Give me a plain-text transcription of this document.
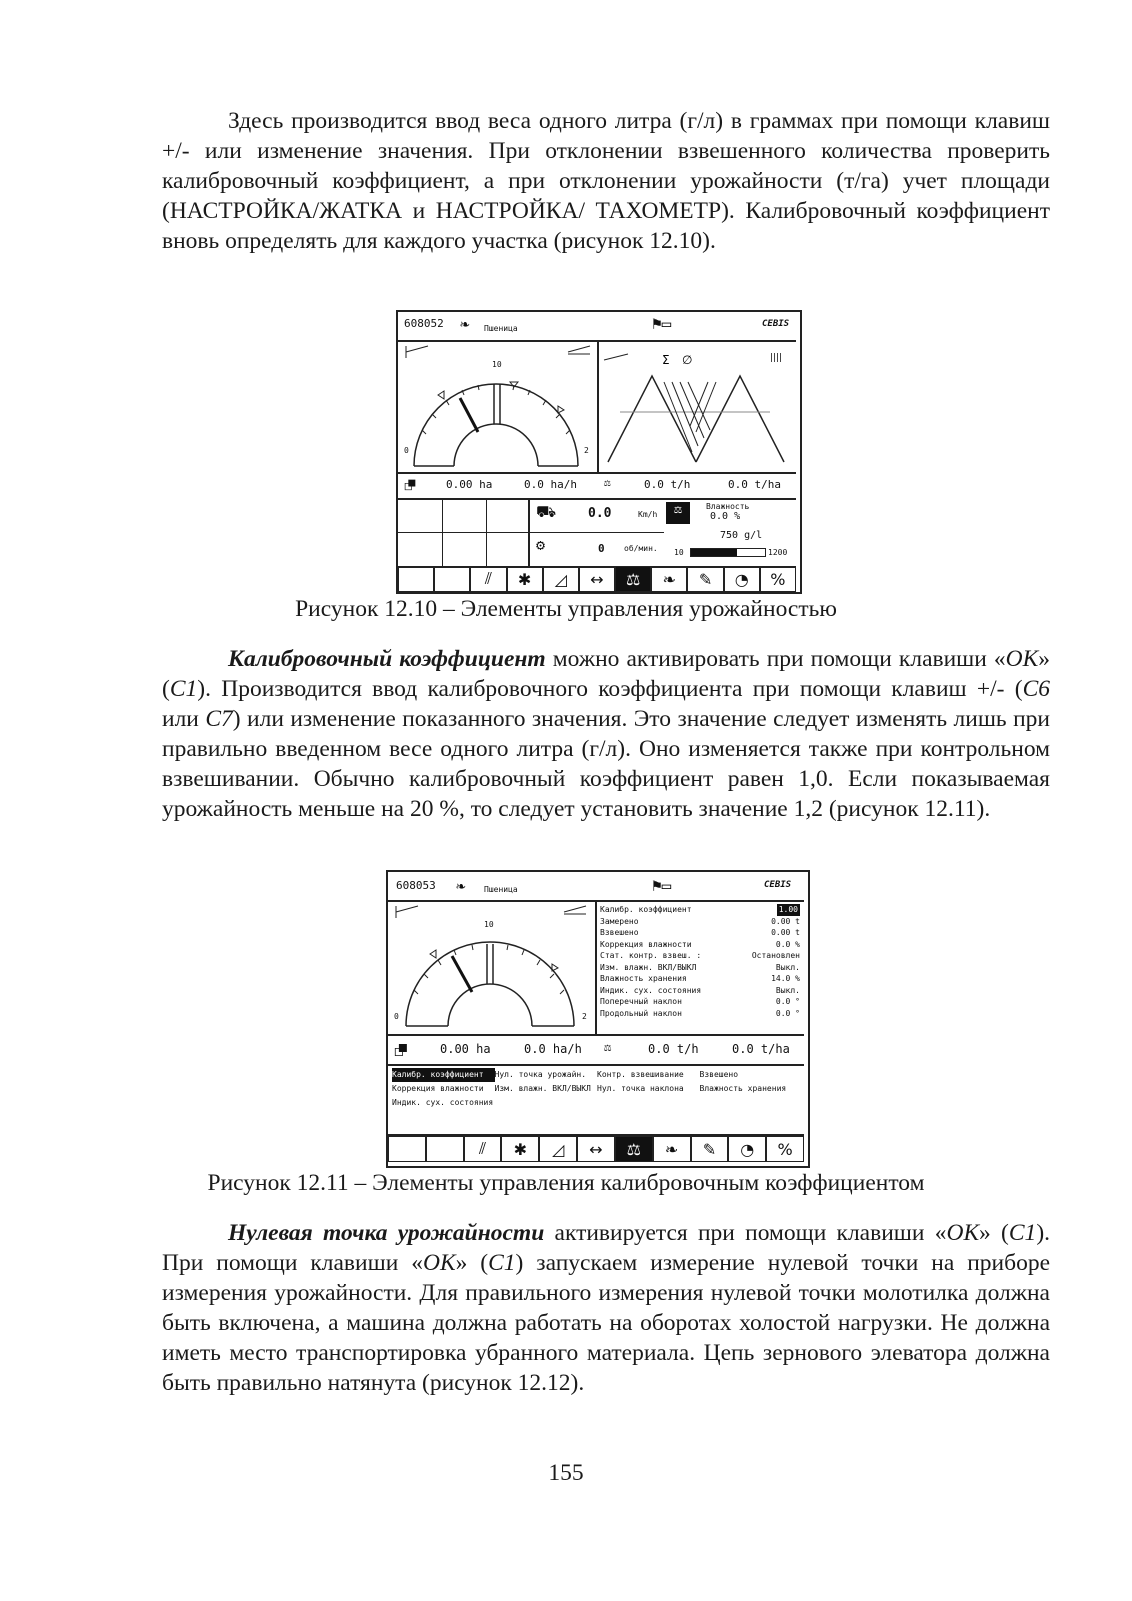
Здесь производится ввод веса одного литра (г/л) в граммах при помощи клавиш +/- или изменение значения. При отклонении взвешенного количества проверить калибровочный коэффициент, а при отклонении урожайности (т/га) учет площади (НАСТРОЙКА/ЖАТКА и НАСТРОЙКА/ ТАХОМЕТР). Калибровочный коэффициент вновь определять для каждого участка (рисунок 12.10).
608052 ❧ Пшеница	⚑▭	CEBIS
10
2
0
Σ ∅	||||
⮻	0.00 ha	0.0 ha/h ⚖	0.0 t/h	0.0 t/ha
⛟ 0.0	Km/h
⚙	0 об/мин.
⚖	Влажность
0.0 %
750 g/l
10	1200
⫽	✱	◿	↔	⚖	❧	✎	◔	%
Рисунок 12.10 – Элементы управления урожайностью
Калибровочный коэффициент можно активировать при помощи клавиши «ОК» (С1). Производится ввод калибровочного коэффициента при помощи клавиш +/- (С6 или С7) или изменение показанного значения. Это значение следует изменять лишь при правильно введенном весе одного литра (г/л). Оно изменяется также при контрольном взвешивании. Обычно калибровочный коэффициент равен 1,0. Если показываемая урожайность меньше на 20 %, то следует установить значение 1,2 (рисунок 12.11).
608053 ❧ Пшеница	⚑▭	CEBIS
10
2
0
Калибр. коэффициент	1.00
Замерено	0.00 t
Взвешено	0.00 t
Коррекция влажности	0.0 %
Стат. контр. взвеш. :	Остановлен
Изм. влажн. ВКЛ/ВЫКЛ	Выкл.
Влажность хранения	14.0 %
Индик. сух. состояния	Выкл.
Поперечный наклон	0.0 °
Продольный наклон	0.0 °
⮻	0.00 ha	0.0 ha/h ⚖	0.0 t/h	0.0 t/ha
Калибр. коэффициент	Нул. точка урожайн.	Контр. взвешивание	Взвешено
Коррекция влажности	Изм. влажн. ВКЛ/ВЫКЛ Нул. точка наклона	Влажность хранения
Индик. сух. состояния
⫽	✱	◿	↔	⚖	❧	✎	◔	%
Рисунок 12.11 – Элементы управления калибровочным коэффициентом
Нулевая точка урожайности активируется при помощи клавиши «ОК» (С1). При помощи клавиши «ОК» (С1) запускаем измерение нулевой точки на приборе измерения урожайности. Для правильного измерения нулевой точки молотилка должна быть включена, а машина должна работать на оборотах холостой нагрузки. Не должна иметь место транспортировка убранного материала. Цепь зернового элеватора должна быть правильно натянута (рисунок 12.12).
155
